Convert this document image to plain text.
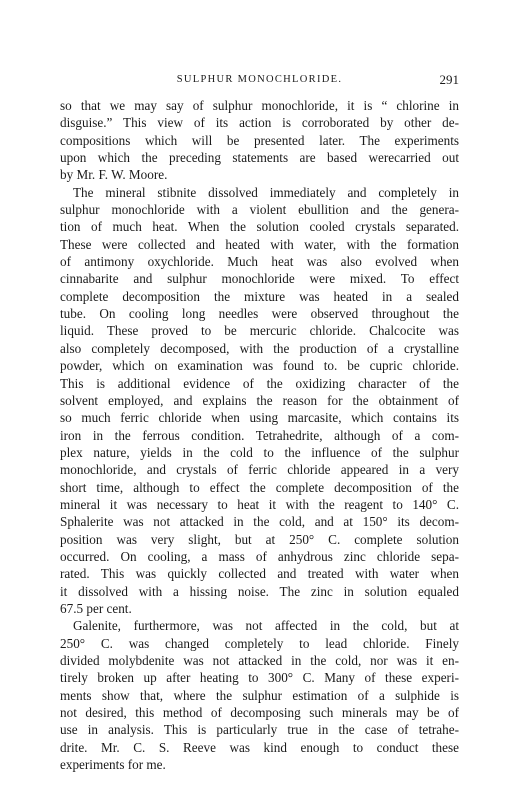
SULPHUR MONOCHLORIDE.	291
so that we may say of sulphur monochloride, it is “ chlorine in
disguise.” This view of its action is corroborated by other de-
compositions which will be presented later. The experiments
upon which the preceding statements are based werecarried out
by Mr. F. W. Moore.
The mineral stibnite dissolved immediately and completely in
sulphur monochloride with a violent ebullition and the genera-
tion of much heat. When the solution cooled crystals separated.
These were collected and heated with water, with the formation
of antimony oxychloride. Much heat was also evolved when
cinnabarite and sulphur monochloride were mixed. To effect
complete decomposition the mixture was heated in a sealed
tube. On cooling long needles were observed throughout the
liquid. These proved to be mercuric chloride. Chalcocite was
also completely decomposed, with the production of a crystalline
powder, which on examination was found to. be cupric chloride.
This is additional evidence of the oxidizing character of the
solvent employed, and explains the reason for the obtainment of
so much ferric chloride when using marcasite, which contains its
iron in the ferrous condition. Tetrahedrite, although of a com-
plex nature, yields in the cold to the influence of the sulphur
monochloride, and crystals of ferric chloride appeared in a very
short time, although to effect the complete decomposition of the
mineral it was necessary to heat it with the reagent to 140° C.
Sphalerite was not attacked in the cold, and at 150° its decom-
position was very slight, but at 250° C. complete solution
occurred. On cooling, a mass of anhydrous zinc chloride sepa-
rated. This was quickly collected and treated with water when
it dissolved with a hissing noise. The zinc in solution equaled
67.5 per cent.
Galenite, furthermore, was not affected in the cold, but at
250° C. was changed completely to lead chloride. Finely
divided molybdenite was not attacked in the cold, nor was it en-
tirely broken up after heating to 300° C. Many of these experi-
ments show that, where the sulphur estimation of a sulphide is
not desired, this method of decomposing such minerals may be of
use in analysis. This is particularly true in the case of tetrahe-
drite. Mr. C. S. Reeve was kind enough to conduct these
experiments for me.
